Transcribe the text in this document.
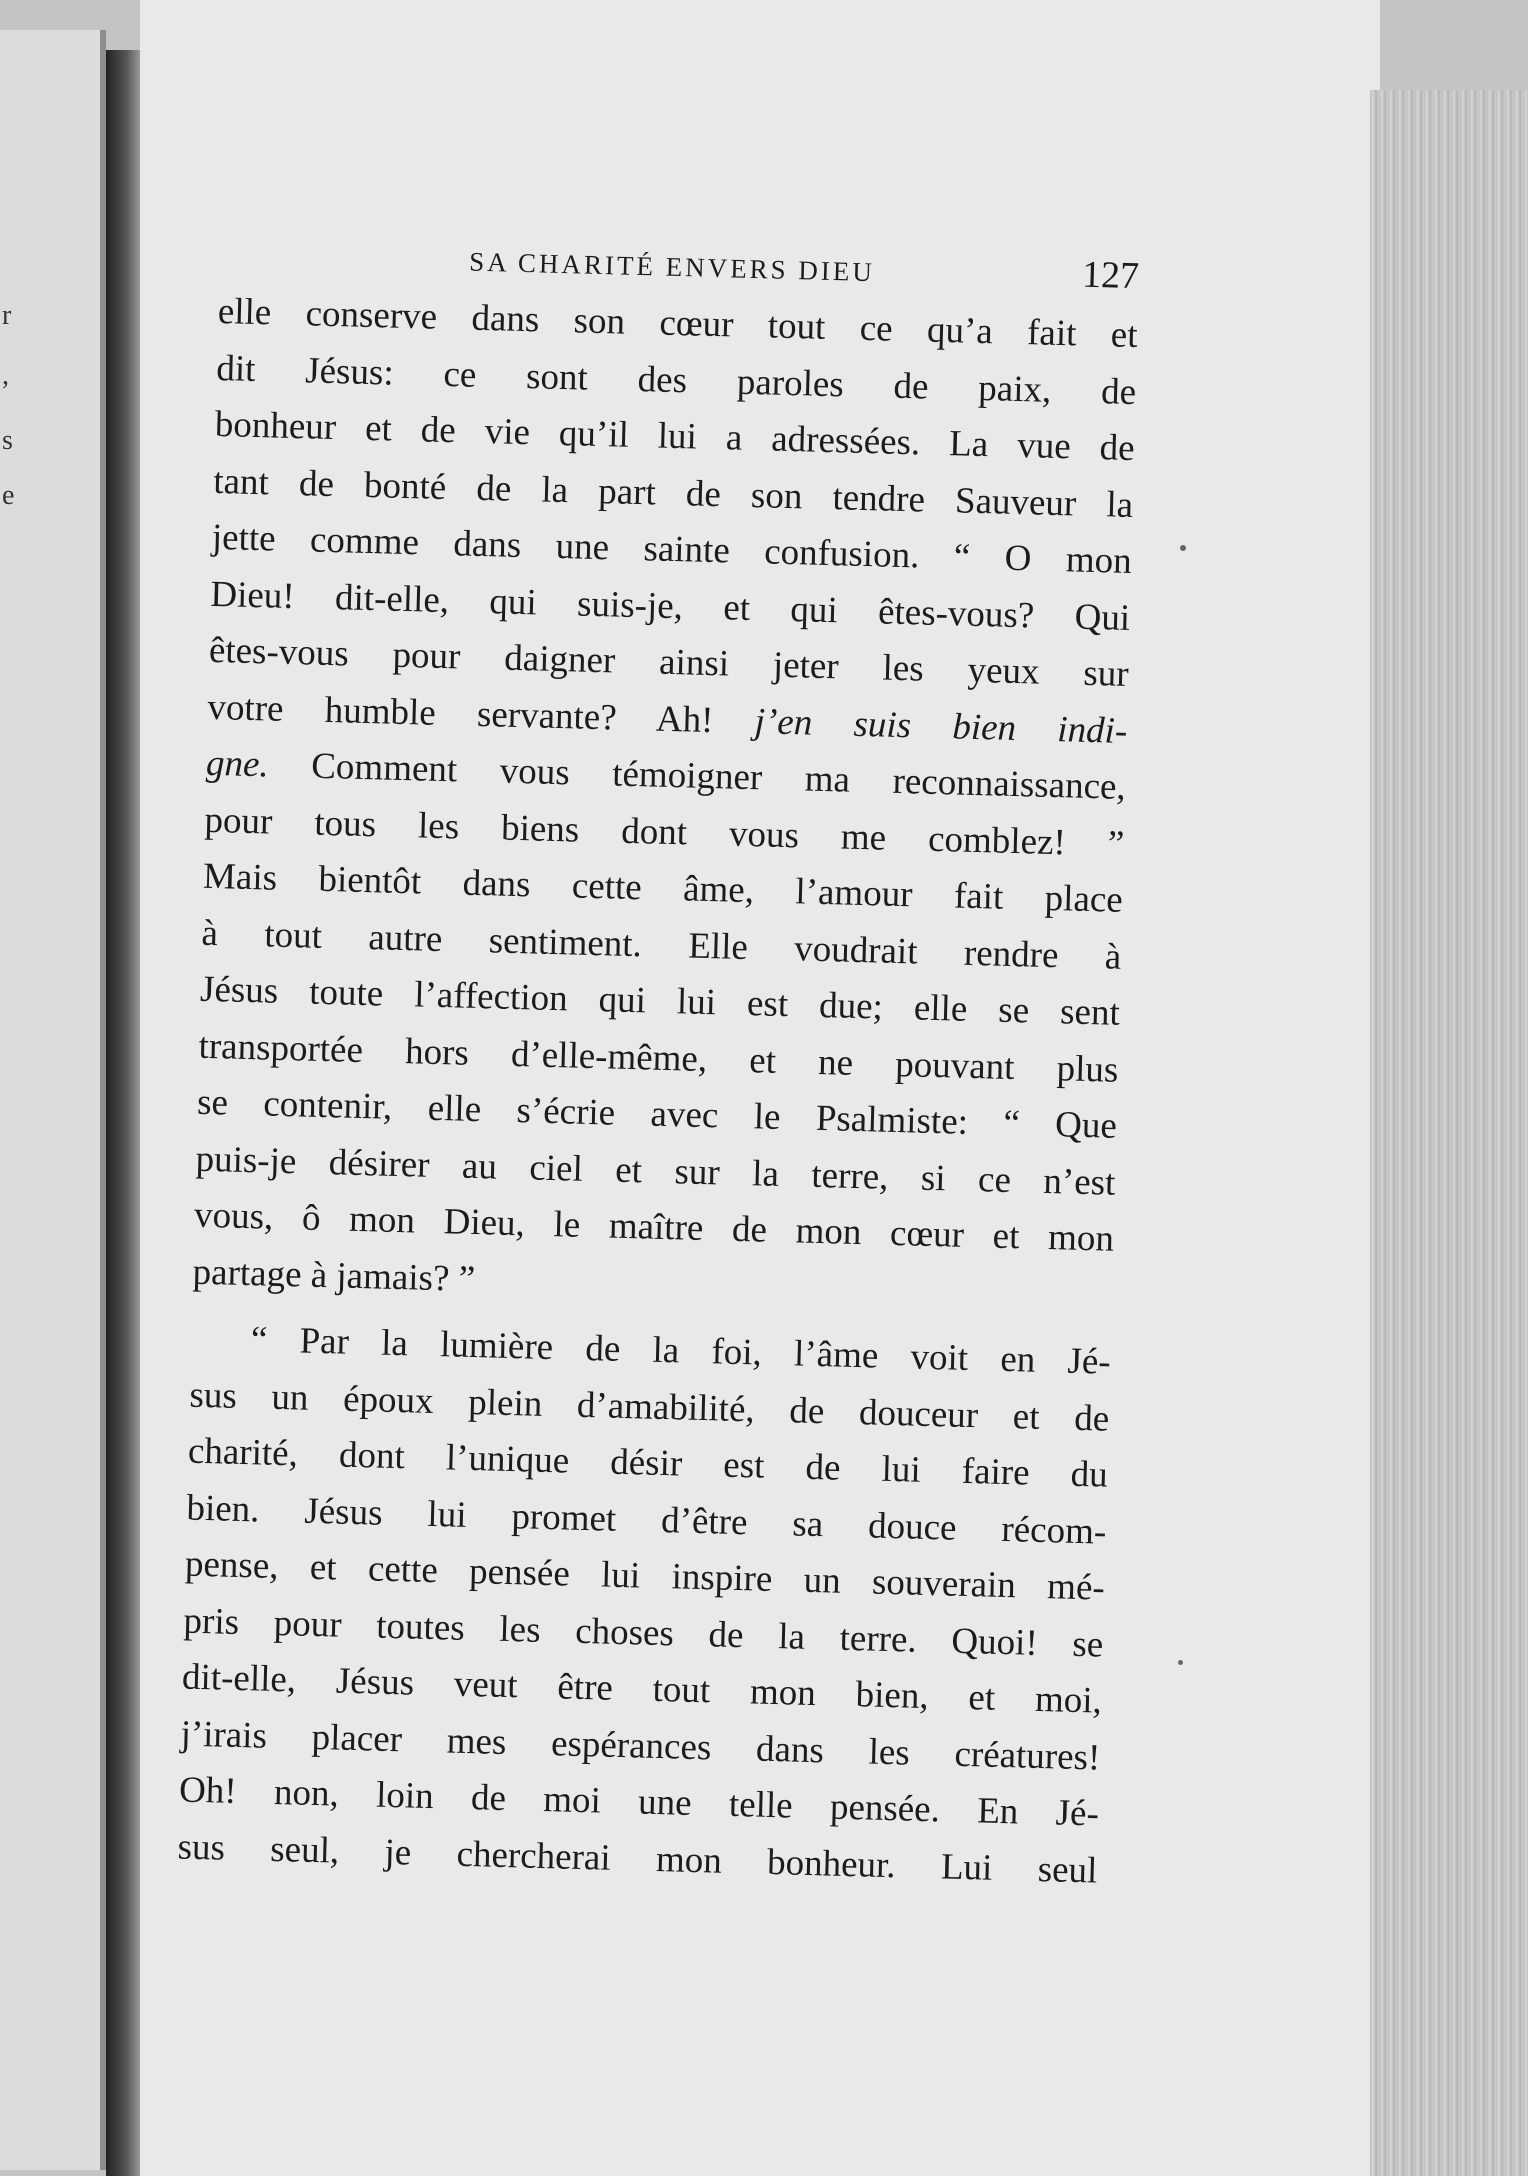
r
,
s
e
SA CHARITÉ ENVERS DIEU	127

elle conserve dans son cœur tout ce qu’a fait et
dit Jésus: ce sont des paroles de paix, de
bonheur et de vie qu’il lui a adressées. La vue de
tant de bonté de la part de son tendre Sauveur la
jette comme dans une sainte confusion. “ O mon
Dieu! dit-elle, qui suis-je, et qui êtes-vous? Qui
êtes-vous pour daigner ainsi jeter les yeux sur
votre humble servante? Ah! j’en suis bien indi-
gne. Comment vous témoigner ma reconnaissance,
pour tous les biens dont vous me comblez! ”
Mais bientôt dans cette âme, l’amour fait place
à tout autre sentiment. Elle voudrait rendre à
Jésus toute l’affection qui lui est due; elle se sent
transportée hors d’elle-même, et ne pouvant plus
se contenir, elle s’écrie avec le Psalmiste: “ Que
puis-je désirer au ciel et sur la terre, si ce n’est
vous, ô mon Dieu, le maître de mon cœur et mon
partage à jamais? ”

“ Par la lumière de la foi, l’âme voit en Jé-
sus un époux plein d’amabilité, de douceur et de
charité, dont l’unique désir est de lui faire du
bien. Jésus lui promet d’être sa douce récom-
pense, et cette pensée lui inspire un souverain mé-
pris pour toutes les choses de la terre. Quoi! se
dit-elle, Jésus veut être tout mon bien, et moi,
j’irais placer mes espérances dans les créatures!
Oh! non, loin de moi une telle pensée. En Jé-
sus seul, je chercherai mon bonheur. Lui seul
